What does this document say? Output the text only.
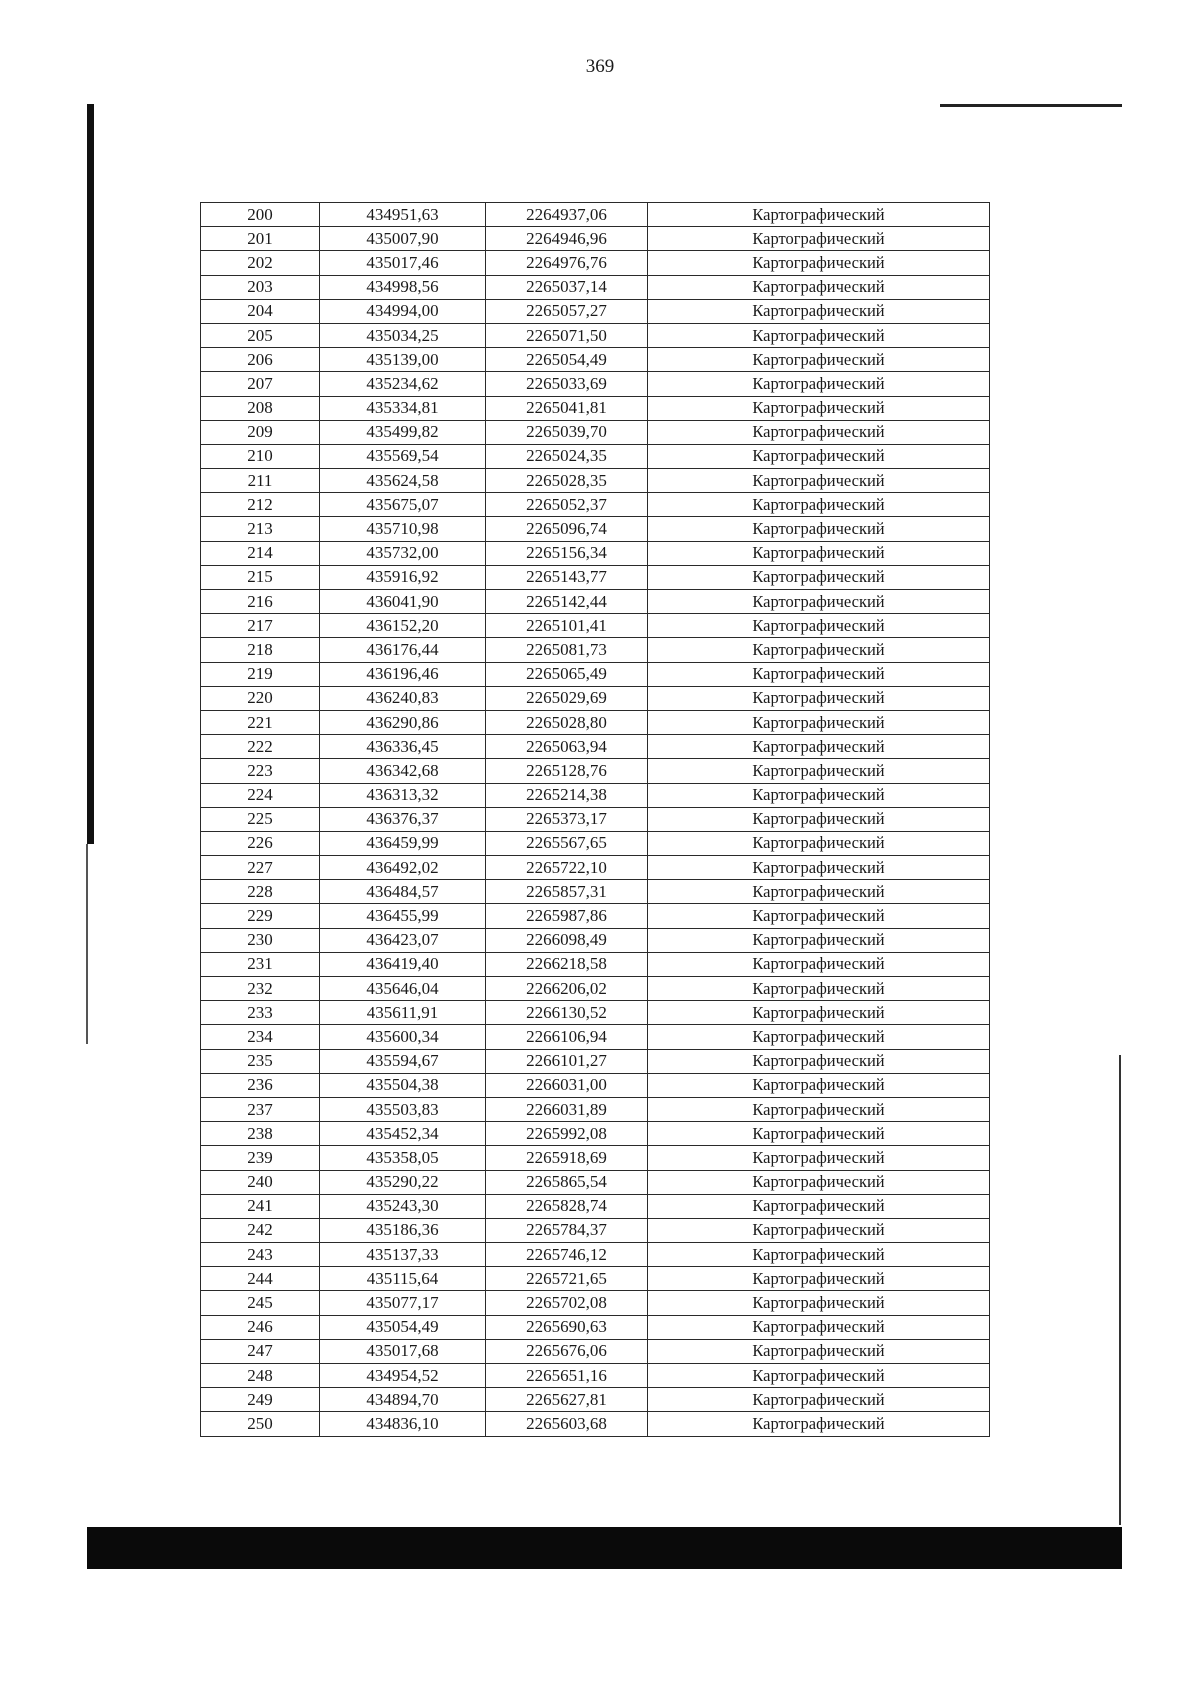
369
200	434951,63	2264937,06	Картографический
201	435007,90	2264946,96	Картографический
202	435017,46	2264976,76	Картографический
203	434998,56	2265037,14	Картографический
204	434994,00	2265057,27	Картографический
205	435034,25	2265071,50	Картографический
206	435139,00	2265054,49	Картографический
207	435234,62	2265033,69	Картографический
208	435334,81	2265041,81	Картографический
209	435499,82	2265039,70	Картографический
210	435569,54	2265024,35	Картографический
211	435624,58	2265028,35	Картографический
212	435675,07	2265052,37	Картографический
213	435710,98	2265096,74	Картографический
214	435732,00	2265156,34	Картографический
215	435916,92	2265143,77	Картографический
216	436041,90	2265142,44	Картографический
217	436152,20	2265101,41	Картографический
218	436176,44	2265081,73	Картографический
219	436196,46	2265065,49	Картографический
220	436240,83	2265029,69	Картографический
221	436290,86	2265028,80	Картографический
222	436336,45	2265063,94	Картографический
223	436342,68	2265128,76	Картографический
224	436313,32	2265214,38	Картографический
225	436376,37	2265373,17	Картографический
226	436459,99	2265567,65	Картографический
227	436492,02	2265722,10	Картографический
228	436484,57	2265857,31	Картографический
229	436455,99	2265987,86	Картографический
230	436423,07	2266098,49	Картографический
231	436419,40	2266218,58	Картографический
232	435646,04	2266206,02	Картографический
233	435611,91	2266130,52	Картографический
234	435600,34	2266106,94	Картографический
235	435594,67	2266101,27	Картографический
236	435504,38	2266031,00	Картографический
237	435503,83	2266031,89	Картографический
238	435452,34	2265992,08	Картографический
239	435358,05	2265918,69	Картографический
240	435290,22	2265865,54	Картографический
241	435243,30	2265828,74	Картографический
242	435186,36	2265784,37	Картографический
243	435137,33	2265746,12	Картографический
244	435115,64	2265721,65	Картографический
245	435077,17	2265702,08	Картографический
246	435054,49	2265690,63	Картографический
247	435017,68	2265676,06	Картографический
248	434954,52	2265651,16	Картографический
249	434894,70	2265627,81	Картографический
250	434836,10	2265603,68	Картографический
